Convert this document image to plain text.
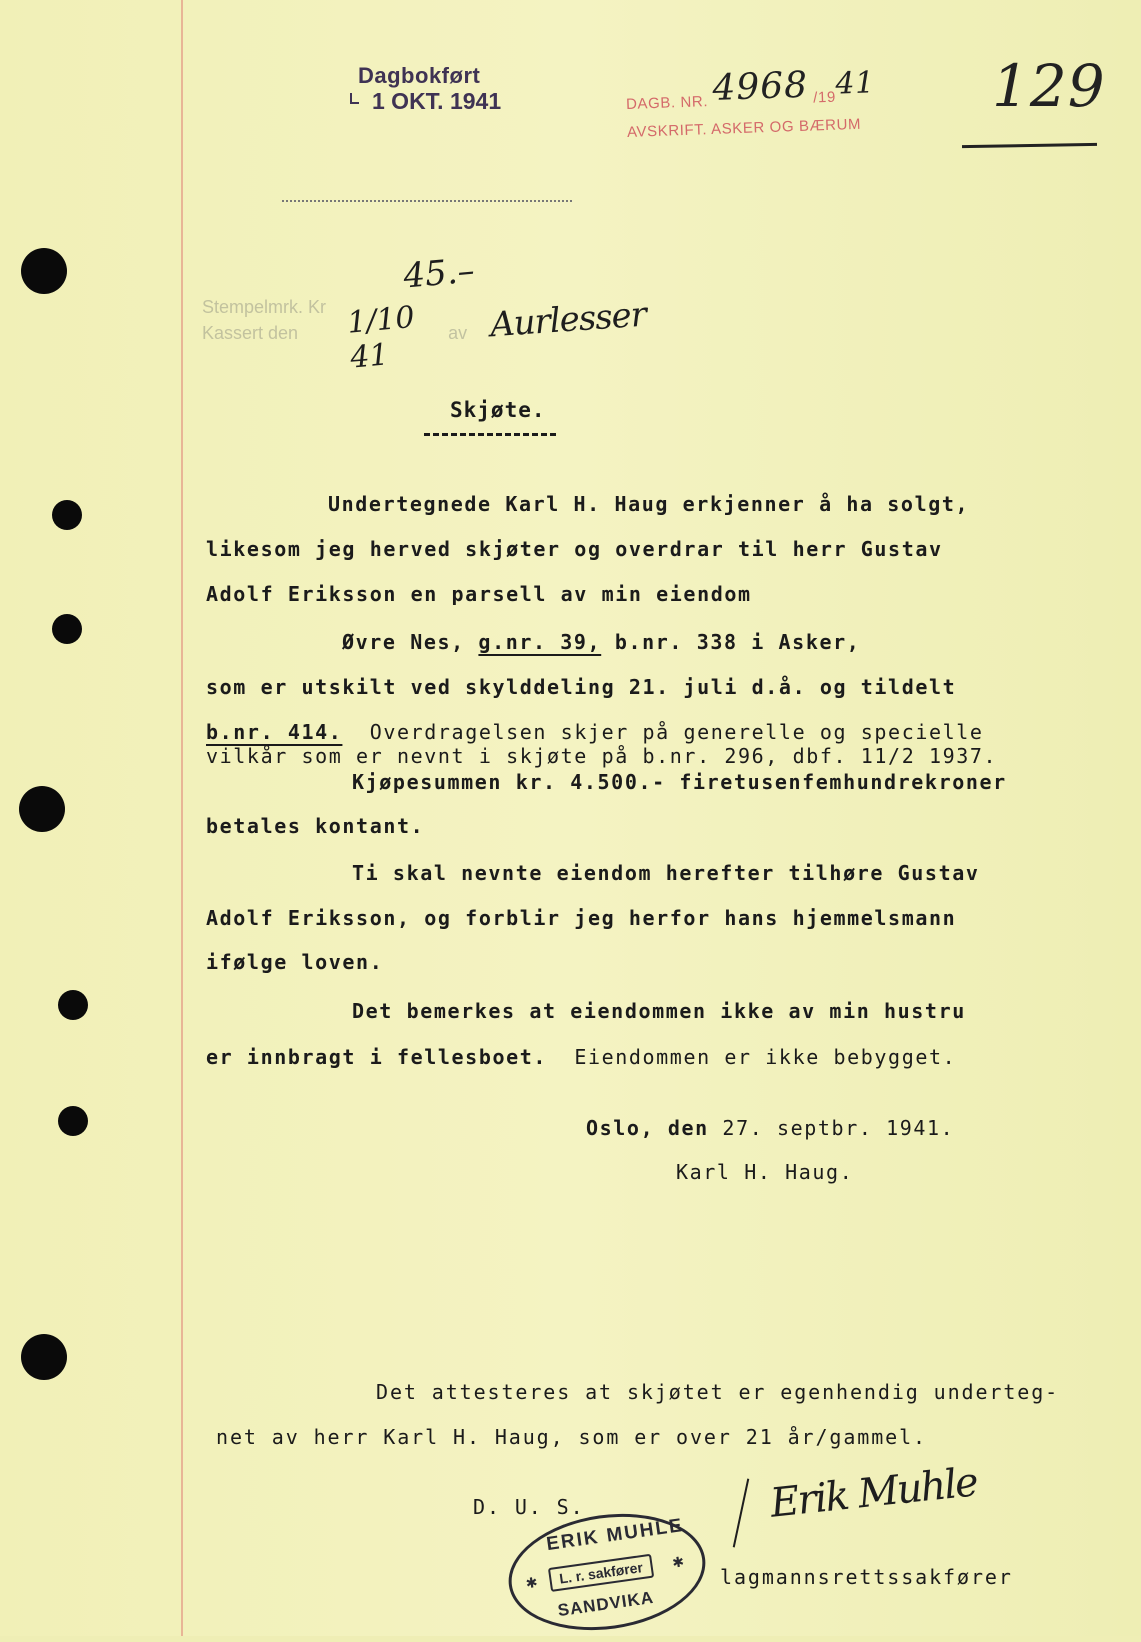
Dagbokført
1 OKT. 1941	DAGB. NR. 4968 /1941
AVSKRIFT. ASKER OG BÆRUM
129
Stempelmrk. Kr
Kassert den	av
45.–
1/10 41
Aurlesser
Skjøte.
Undertegnede Karl H. Haug erkjenner å ha solgt,
likesom jeg herved skjøter og overdrar til herr Gustav
Adolf Eriksson en parsell av min eiendom
Øvre Nes, g.nr. 39, b.nr. 338 i Asker,
som er utskilt ved skylddeling 21. juli d.å. og tildelt
b.nr. 414.  Overdragelsen skjer på generelle og specielle
vilkår som er nevnt i skjøte på b.nr. 296, dbf. 11/2 1937.
Kjøpesummen kr. 4.500.- firetusenfemhundrekroner
betales kontant.
Ti skal nevnte eiendom herefter tilhøre Gustav
Adolf Eriksson, og forblir jeg herfor hans hjemmelsmann
ifølge loven.
Det bemerkes at eiendommen ikke av min hustru
er innbragt i fellesboet.  Eiendommen er ikke bebygget.
Oslo, den 27. septbr. 1941.
Karl H. Haug.
Det attesteres at skjøtet er egenhendig underteg-
net av herr Karl H. Haug, som er over 21 år/gammel.
D. U. S.	Erik Muhle
ERIK MUHLE
✱
✱
L. r. sakfører
SANDVIKA
lagmannsrettssakfører
